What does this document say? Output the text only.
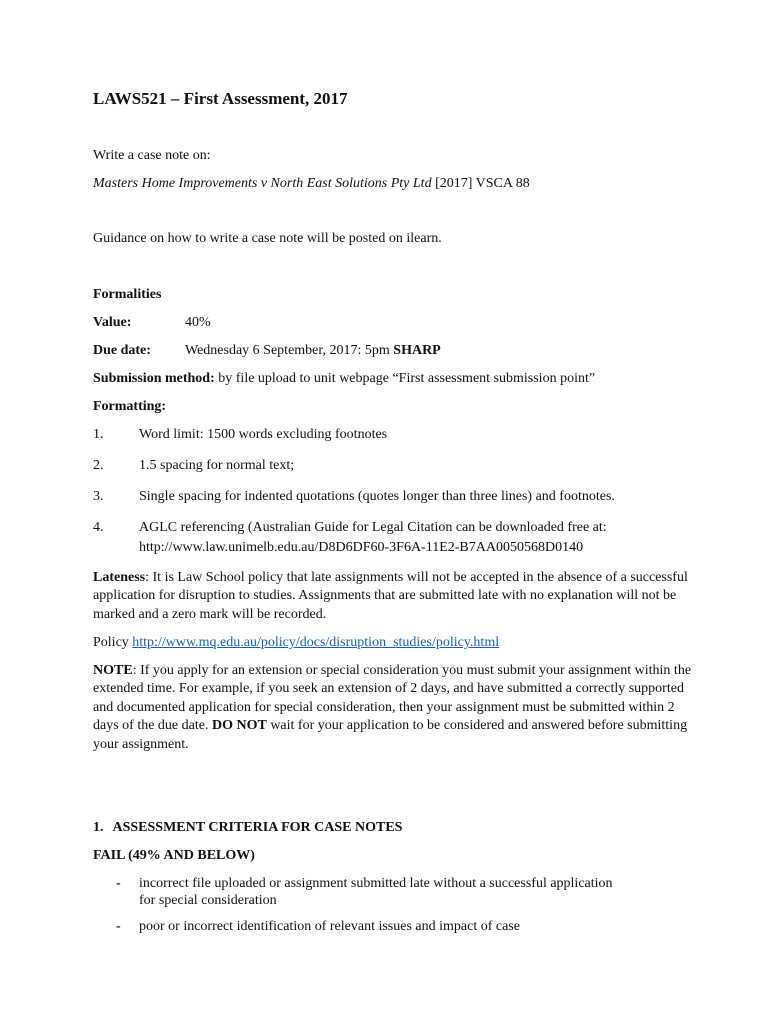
LAWS521 – First Assessment, 2017
Write a case note on:
Masters Home Improvements v North East Solutions Pty Ltd [2017] VSCA 88
Guidance on how to write a case note will be posted on ilearn.
Formalities
Value:	40%
Due date: Wednesday 6 September, 2017: 5pm SHARP
Submission method: by file upload to unit webpage “First assessment submission point”
Formatting:
1.	Word limit: 1500 words excluding footnotes
2.	1.5 spacing for normal text;
3.	Single spacing for indented quotations (quotes longer than three lines) and footnotes.
4.	AGLC referencing (Australian Guide for Legal Citation can be downloaded free at:
http://www.law.unimelb.edu.au/D8D6DF60-3F6A-11E2-B7AA0050568D0140
Lateness: It is Law School policy that late assignments will not be accepted in the absence of a successful application for disruption to studies. Assignments that are submitted late with no explanation will not be marked and a zero mark will be recorded.
Policy http://www.mq.edu.au/policy/docs/disruption_studies/policy.html
NOTE: If you apply for an extension or special consideration you must submit your assignment within the extended time. For example, if you seek an extension of 2 days, and have submitted a correctly supported and documented application for special consideration, then your assignment must be submitted within 2 days of the due date. DO NOT wait for your application to be considered and answered before submitting your assignment.
1. ASSESSMENT CRITERIA FOR CASE NOTES
FAIL (49% AND BELOW)
- incorrect file uploaded or assignment submitted late without a successful application
for special consideration
- poor or incorrect identification of relevant issues and impact of case
